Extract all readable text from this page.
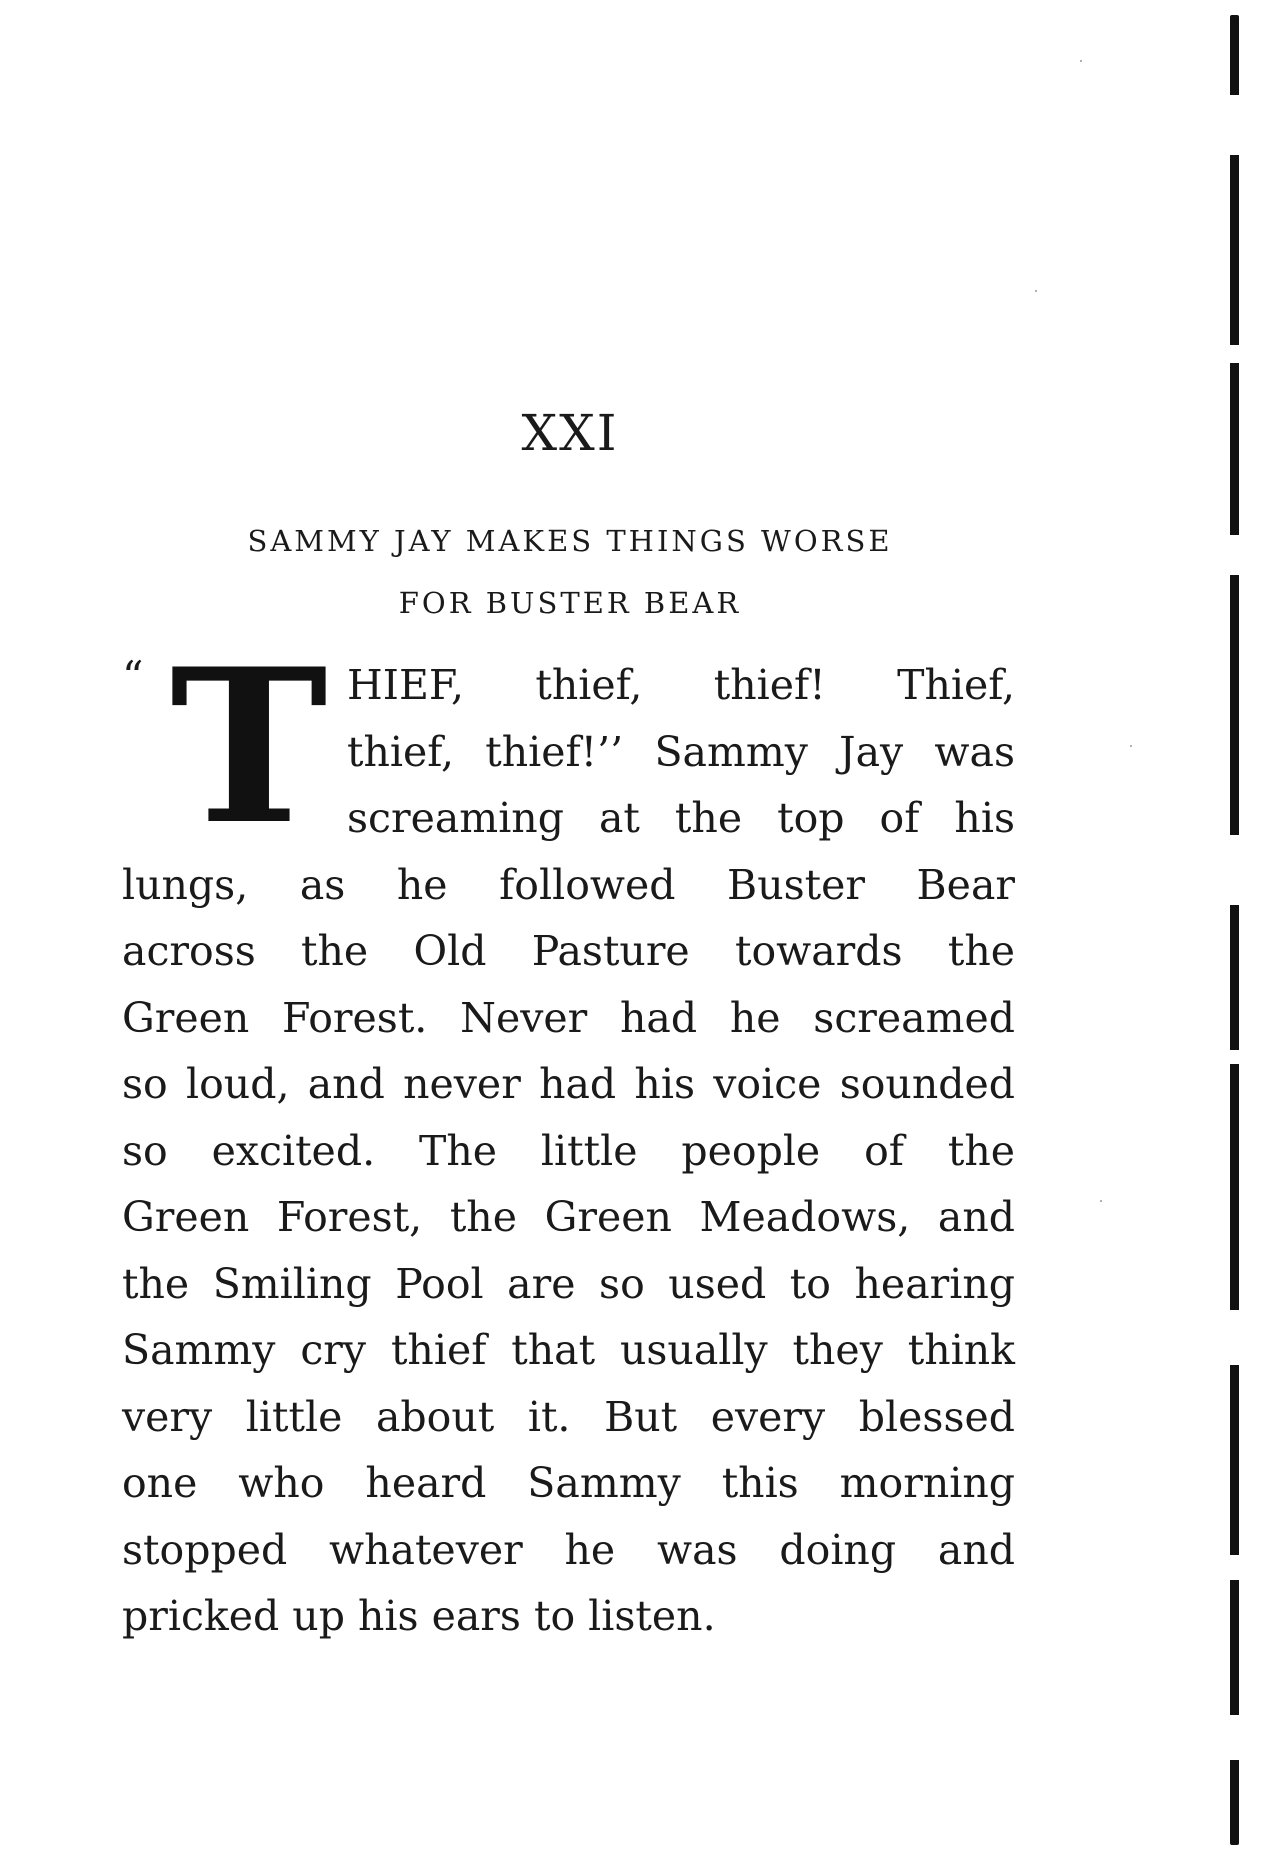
XXI
SAMMY JAY MAKES THINGS WORSE
FOR BUSTER BEAR
“ T HIEF, thief, thief! Thief,
thief, thief!’’ Sammy Jay was
screaming at the top of his
lungs, as he followed Buster Bear
across the Old Pasture towards the
Green Forest. Never had he screamed
so loud, and never had his voice sounded
so excited. The little people of the
Green Forest, the Green Meadows, and
the Smiling Pool are so used to hearing
Sammy cry thief that usually they think
very little about it. But every blessed
one who heard Sammy this morning
stopped whatever he was doing and
pricked up his ears to listen.
